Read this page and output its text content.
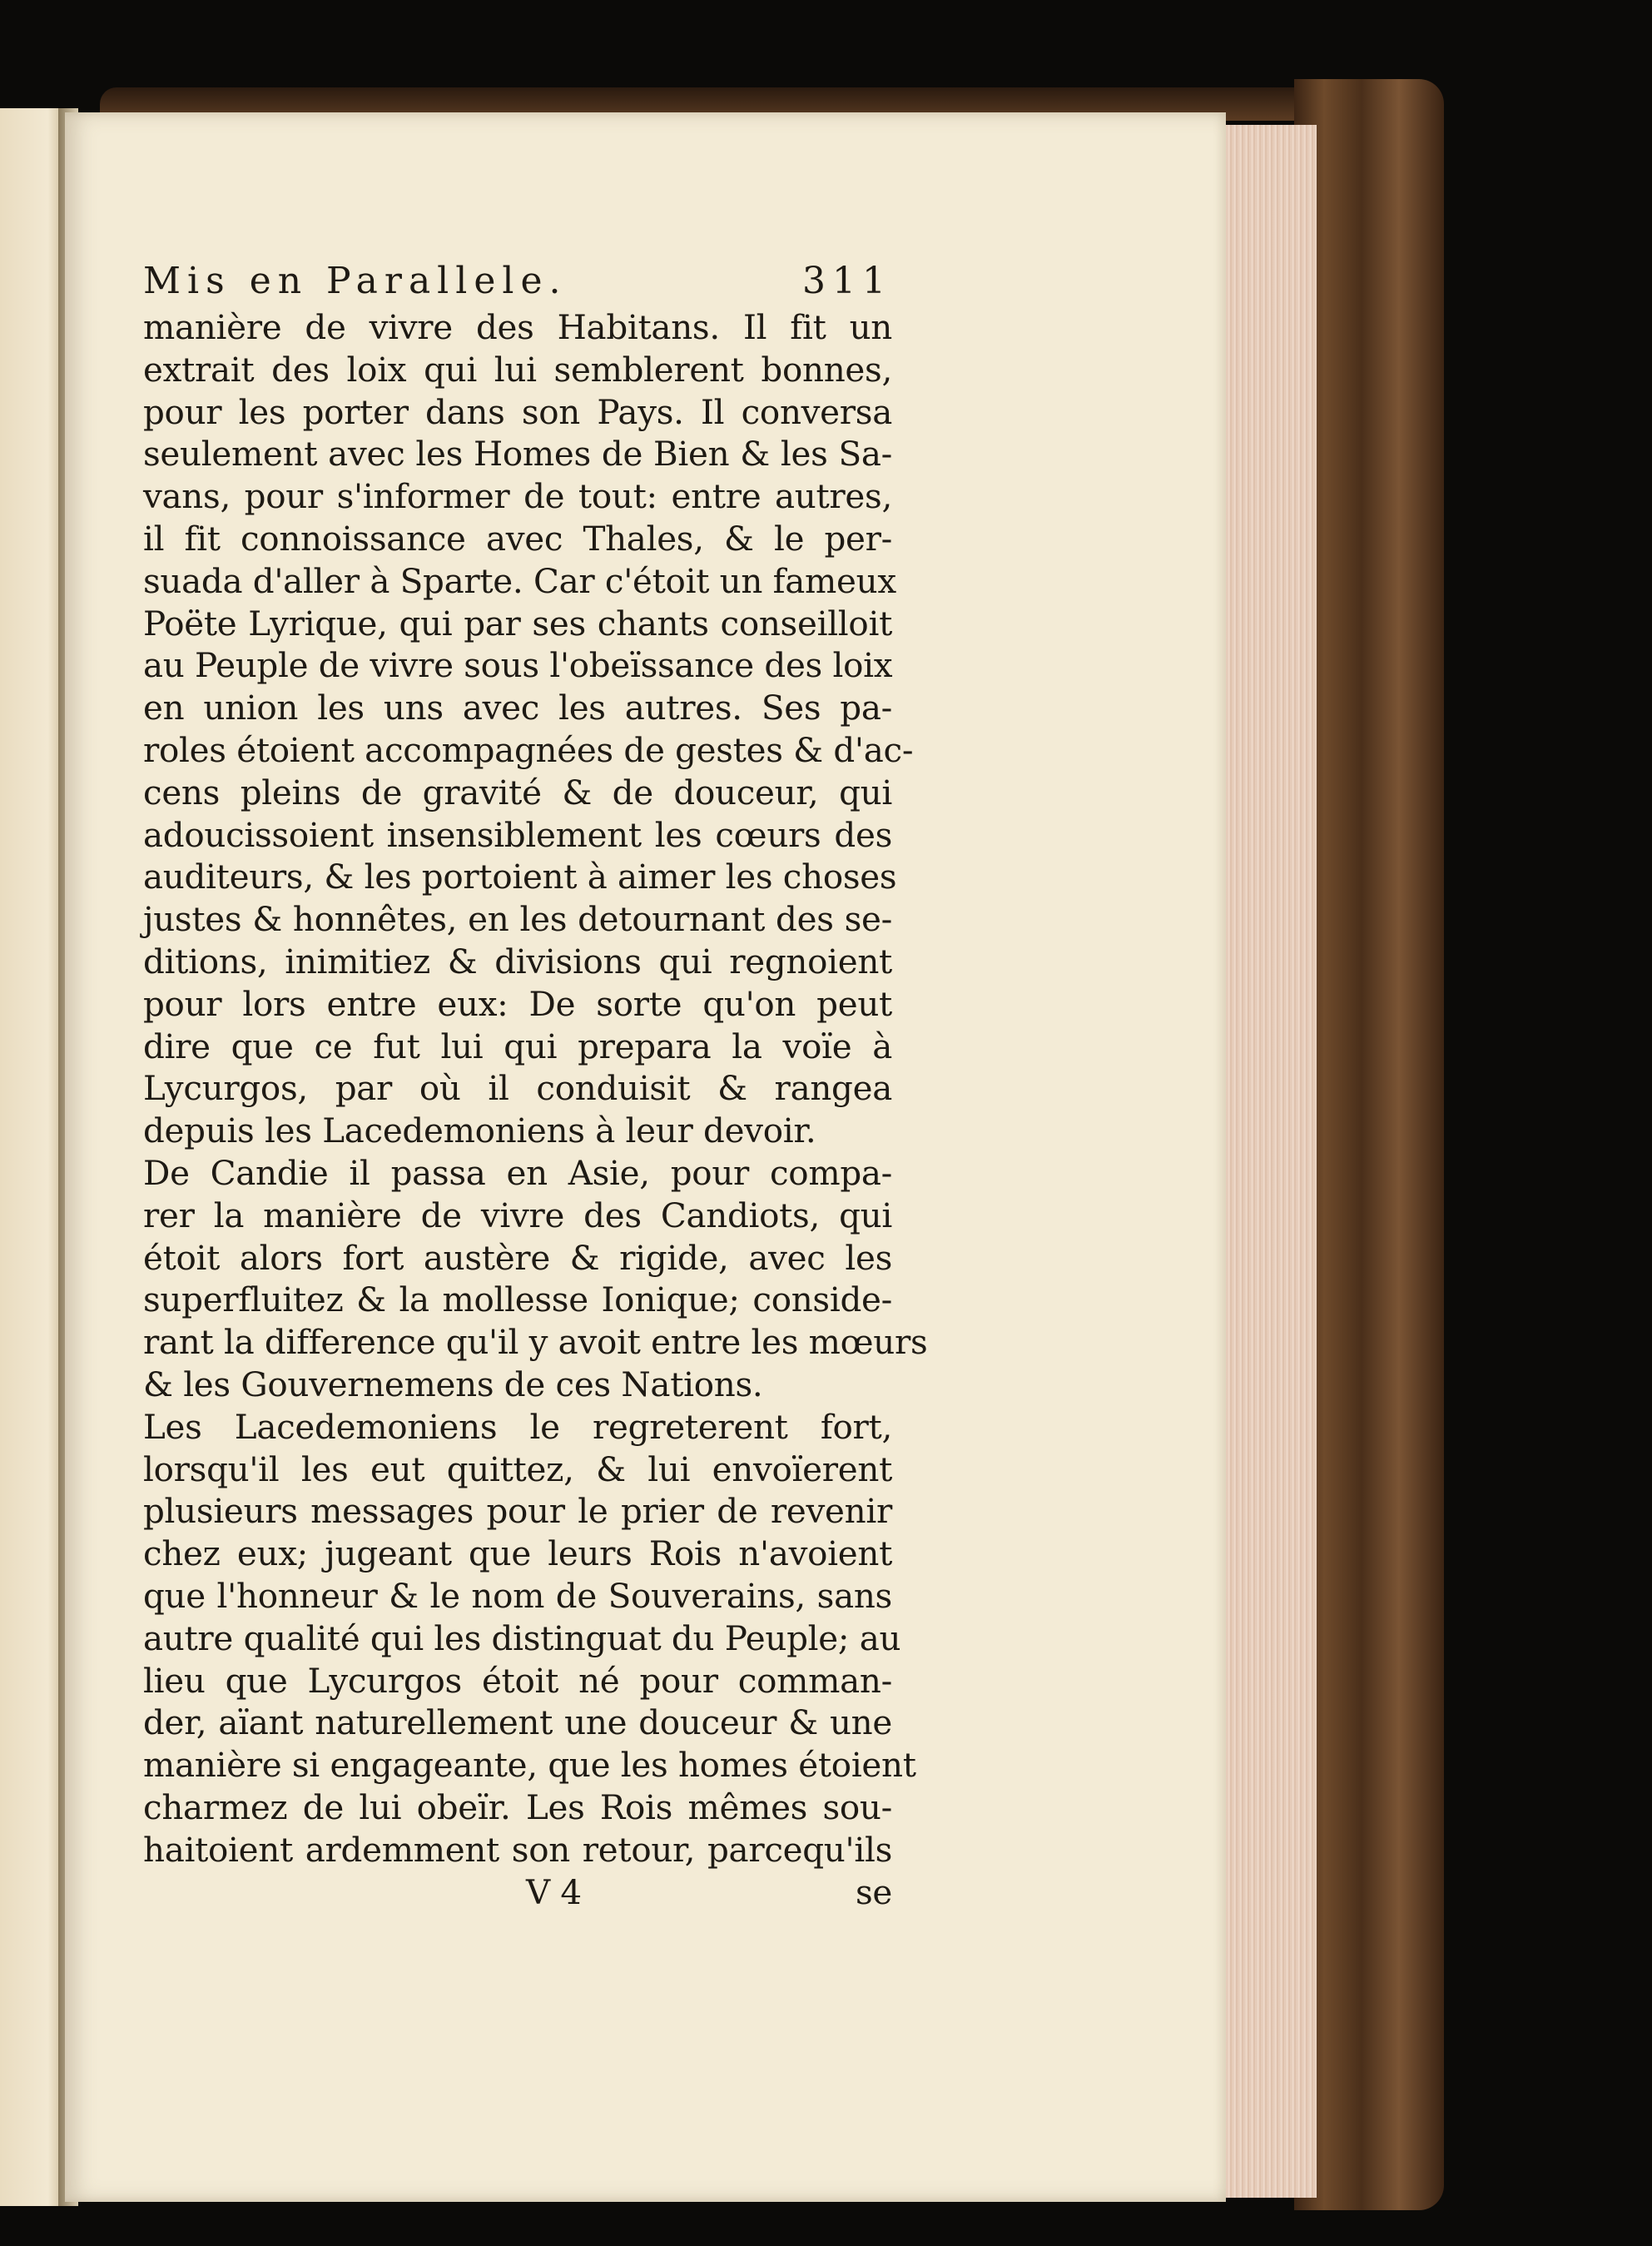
Mis en Parallele.	311
manière de vivre des Habitans. Il fit un
extrait des loix qui lui semblerent bonnes,
pour les porter dans son Pays. Il conversa
seulement avec les Homes de Bien & les Sa-
vans, pour s'informer de tout: entre autres,
il fit connoissance avec Thales, & le per-
suada d'aller à Sparte. Car c'étoit un fameux
Poëte Lyrique, qui par ses chants conseilloit
au Peuple de vivre sous l'obeïssance des loix
en union les uns avec les autres. Ses pa-
roles étoient accompagnées de gestes & d'ac-
cens pleins de gravité & de douceur, qui
adoucissoient insensiblement les cœurs des
auditeurs, & les portoient à aimer les choses
justes & honnêtes, en les detournant des se-
ditions, inimitiez & divisions qui regnoient
pour lors entre eux: De sorte qu'on peut
dire que ce fut lui qui prepara la voïe à
Lycurgos, par où il conduisit & rangea
depuis les Lacedemoniens à leur devoir.
De Candie il passa en Asie, pour compa-
rer la manière de vivre des Candiots, qui
étoit alors fort austère & rigide, avec les
superfluitez & la mollesse Ionique; conside-
rant la difference qu'il y avoit entre les mœurs
& les Gouvernemens de ces Nations.
Les Lacedemoniens le regreterent fort,
lorsqu'il les eut quittez, & lui envoïerent
plusieurs messages pour le prier de revenir
chez eux; jugeant que leurs Rois n'avoient
que l'honneur & le nom de Souverains, sans
autre qualité qui les distinguat du Peuple; au
lieu que Lycurgos étoit né pour comman-
der, aïant naturellement une douceur & une
manière si engageante, que les homes étoient
charmez de lui obeïr. Les Rois mêmes sou-
haitoient ardemment son retour, parcequ'ils
V 4	se
